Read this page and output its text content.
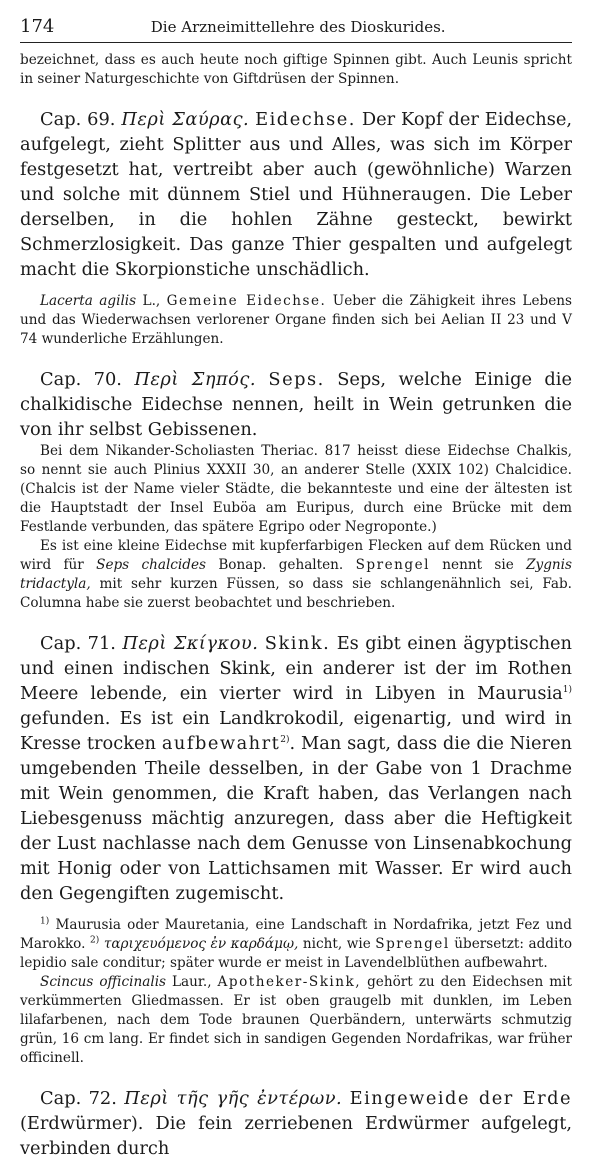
174	Die Arzneimittellehre des Dioskurides.

bezeichnet, dass es auch heute noch giftige Spinnen gibt. Auch Leunis spricht in seiner Naturgeschichte von Giftdrüsen der Spinnen.

Cap. 69. Περὶ Σαύρας. Eidechse. Der Kopf der Eidechse, aufgelegt, zieht Splitter aus und Alles, was sich im Körper festgesetzt hat, vertreibt aber auch (gewöhnliche) Warzen und solche mit dünnem Stiel und Hühneraugen. Die Leber derselben, in die hohlen Zähne gesteckt, bewirkt Schmerzlosigkeit. Das ganze Thier gespalten und aufgelegt macht die Skorpionstiche unschädlich.

Lacerta agilis L., Gemeine Eidechse. Ueber die Zähigkeit ihres Lebens und das Wiederwachsen verlorener Organe finden sich bei Aelian II 23 und V 74 wunderliche Erzählungen.

Cap. 70. Περὶ Σηπός. Seps. Seps, welche Einige die chalkidische Eidechse nennen, heilt in Wein getrunken die von ihr selbst Gebissenen.

Bei dem Nikander-Scholiasten Theriac. 817 heisst diese Eidechse Chalkis, so nennt sie auch Plinius XXXII 30, an anderer Stelle (XXIX 102) Chalcidice. (Chalcis ist der Name vieler Städte, die bekannteste und eine der ältesten ist die Hauptstadt der Insel Euböa am Euripus, durch eine Brücke mit dem Festlande verbunden, das spätere Egripo oder Negroponte.)

Es ist eine kleine Eidechse mit kupferfarbigen Flecken auf dem Rücken und wird für Seps chalcides Bonap. gehalten. Sprengel nennt sie Zygnis tridactyla, mit sehr kurzen Füssen, so dass sie schlangenähnlich sei, Fab. Columna habe sie zuerst beobachtet und beschrieben.

Cap. 71. Περὶ Σκίγκου. Skink. Es gibt einen ägyptischen und einen indischen Skink, ein anderer ist der im Rothen Meere lebende, ein vierter wird in Libyen in Maurusia$^{1)}$ gefunden. Es ist ein Landkrokodil, eigenartig, und wird in Kresse trocken aufbewahrt$^{2)}$. Man sagt, dass die die Nieren umgebenden Theile desselben, in der Gabe von 1 Drachme mit Wein genommen, die Kraft haben, das Verlangen nach Liebesgenuss mächtig anzuregen, dass aber die Heftigkeit der Lust nachlasse nach dem Genusse von Linsenabkochung mit Honig oder von Lattichsamen mit Wasser. Er wird auch den Gegengiften zugemischt.

$^{1)}$ Maurusia oder Mauretania, eine Landschaft in Nordafrika, jetzt Fez und Marokko. $^{2)}$ ταριχευόμενος ἐν καρδάμῳ, nicht, wie Sprengel übersetzt: addito lepidio sale conditur; später wurde er meist in Lavendelblüthen aufbewahrt.

Scincus officinalis Laur., Apotheker-Skink, gehört zu den Eidechsen mit verkümmerten Gliedmassen. Er ist oben graugelb mit dunklen, im Leben lilafarbenen, nach dem Tode braunen Querbändern, unterwärts schmutzig grün, 16 cm lang. Er findet sich in sandigen Gegenden Nordafrikas, war früher officinell.

Cap. 72. Περὶ τῆς γῆς ἐντέρων. Eingeweide der Erde (Erdwürmer). Die fein zerriebenen Erdwürmer aufgelegt, verbinden durch
